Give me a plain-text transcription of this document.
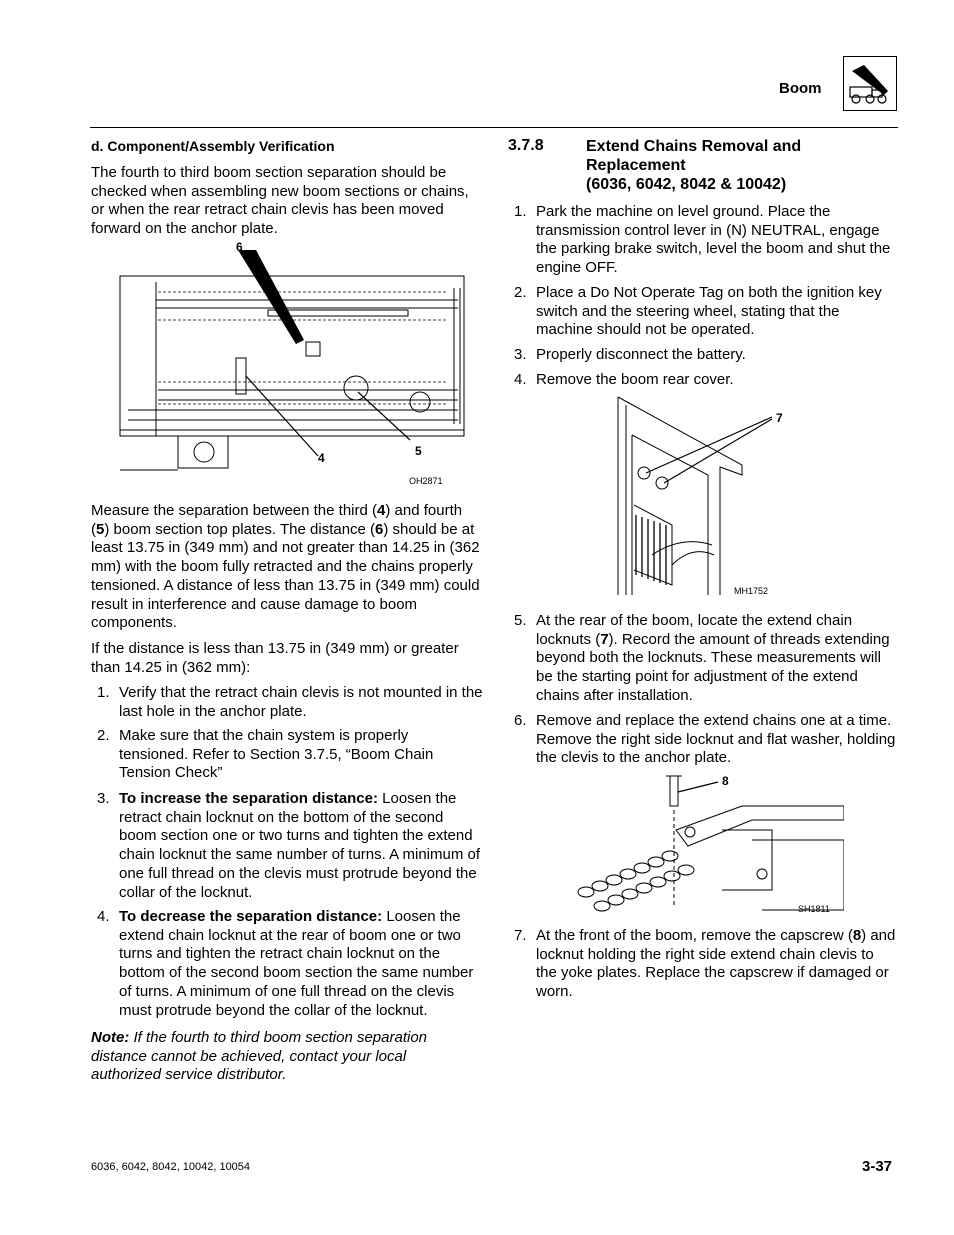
Boom
d. Component/Assembly Verification

The fourth to third boom section separation should be checked when assembling new boom sections or chains, or when the rear retract chain clevis has been moved forward on the anchor plate.

6
4	5
OH2871

Measure the separation between the third (4) and fourth (5) boom section top plates. The distance (6) should be at least 13.75 in (349 mm) and not greater than 14.25 in (362 mm) with the boom fully retracted and the chains properly tensioned. A distance of less than 13.75 in (349 mm) could result in interference and cause damage to boom components.

If the distance is less than 13.75 in (349 mm) or greater than 14.25 in (362 mm):

1. Verify that the retract chain clevis is not mounted in the last hole in the anchor plate.
2. Make sure that the chain system is properly tensioned. Refer to Section 3.7.5, “Boom Chain Tension Check”
3. To increase the separation distance: Loosen the retract chain locknut on the bottom of the second boom section one or two turns and tighten the extend chain locknut the same number of turns. A minimum of one full thread on the clevis must protrude beyond the collar of the locknut.
4. To decrease the separation distance: Loosen the extend chain locknut at the rear of boom one or two turns and tighten the retract chain locknut on the bottom of the second boom section the same number of turns. A minimum of one full thread on the clevis must protrude beyond the collar of the locknut.

Note: If the fourth to third boom section separation distance cannot be achieved, contact your local authorized service distributor.

3.7.8	Extend Chains Removal and
Replacement
(6036, 6042, 8042 & 10042)
1. Park the machine on level ground. Place the transmission control lever in (N) NEUTRAL, engage the parking brake switch, level the boom and shut the engine OFF.
2. Place a Do Not Operate Tag on both the ignition key switch and the steering wheel, stating that the machine should not be operated.
3. Properly disconnect the battery.
4. Remove the boom rear cover.
7
MH1752
5. At the rear of the boom, locate the extend chain locknuts (7). Record the amount of threads extending beyond both the locknuts. These measurements will be the starting point for adjustment of the extend chains after installation.
6. Remove and replace the extend chains one at a time. Remove the right side locknut and flat washer, holding the clevis to the anchor plate.
8
SH1811
7. At the front of the boom, remove the capscrew (8) and locknut holding the right side extend chain clevis to the yoke plates. Replace the capscrew if damaged or worn.
6036, 6042, 8042, 10042, 10054	3-37
